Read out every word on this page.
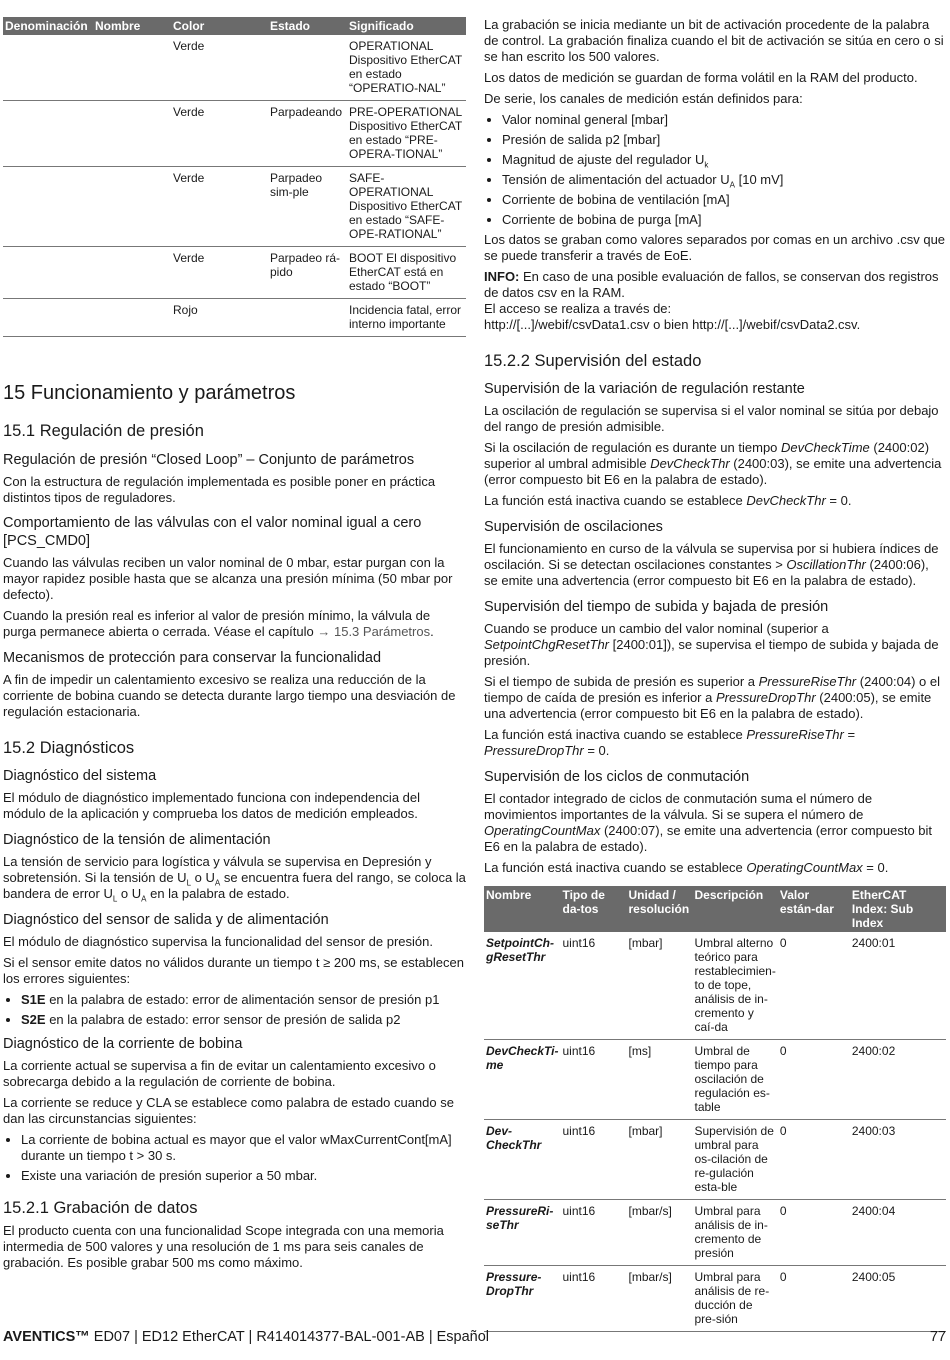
Denominación	Nombre	Color	Estado	Significado
		Verde		OPERATIONAL Dispositivo EtherCAT en estado “OPERATIO-NAL”
		Verde	Parpadeando	PRE-OPERATIONAL Dispositivo EtherCAT en estado “PRE-OPERA-TIONAL”
		Verde	Parpadeo sim-ple	SAFE-OPERATIONAL Dispositivo EtherCAT en estado “SAFE-OPE-RATIONAL”
		Verde	Parpadeo rá-pido	BOOT El dispositivo EtherCAT está en estado “BOOT”
		Rojo		Incidencia fatal, error interno importante
15 Funcionamiento y parámetros
15.1 Regulación de presión
Regulación de presión “Closed Loop” – Conjunto de parámetros

Con la estructura de regulación implementada es posible poner en práctica distintos tipos de reguladores.

Comportamiento de las válvulas con el valor nominal igual a cero [PCS_CMD0]

Cuando las válvulas reciben un valor nominal de 0 mbar, estar purgan con la mayor rapidez posible hasta que se alcanza una presión mínima (50 mbar por defecto).

Cuando la presión real es inferior al valor de presión mínimo, la válvula de purga permanece abierta o cerrada. Véase el capítulo → 15.3 Parámetros.

Mecanismos de protección para conservar la funcionalidad

A fin de impedir un calentamiento excesivo se realiza una reducción de la corriente de bobina cuando se detecta durante largo tiempo una desviación de regulación estacionaria.

15.2 Diagnósticos
Diagnóstico del sistema

El módulo de diagnóstico implementado funciona con independencia del módulo de la aplicación y comprueba los datos de medición empleados.

Diagnóstico de la tensión de alimentación

La tensión de servicio para logística y válvula se supervisa en Depresión y sobretensión. Si la tensión de $U_L$ o $U_A$ se encuentra fuera del rango, se coloca la bandera de error $U_L$ o $U_A$ en la palabra de estado.

Diagnóstico del sensor de salida y de alimentación

El módulo de diagnóstico supervisa la funcionalidad del sensor de presión.

Si el sensor emite datos no válidos durante un tiempo t ≥ 200 ms, se establecen los errores siguientes:

• S1E en la palabra de estado: error de alimentación sensor de presión p1
• S2E en la palabra de estado: error sensor de presión de salida p2
Diagnóstico de la corriente de bobina

La corriente actual se supervisa a fin de evitar un calentamiento excesivo o sobrecarga debido a la regulación de corriente de bobina.

La corriente se reduce y CLA se establece como palabra de estado cuando se dan las circunstancias siguientes:

• La corriente de bobina actual es mayor que el valor wMaxCurrentCont[mA] durante un tiempo t > 30 s.
• Existe una variación de presión superior a 50 mbar.
15.2.1 Grabación de datos

El producto cuenta con una funcionalidad Scope integrada con una memoria intermedia de 500 valores y una resolución de 1 ms para seis canales de grabación. Es posible grabar 500 ms como máximo.

La grabación se inicia mediante un bit de activación procedente de la palabra de control. La grabación finaliza cuando el bit de activación se sitúa en cero o si se han escrito los 500 valores.

Los datos de medición se guardan de forma volátil en la RAM del producto.

De serie, los canales de medición están definidos para:

• Valor nominal general [mbar]
• Presión de salida p2 [mbar]
• Magnitud de ajuste del regulador $U_k$
• Tensión de alimentación del actuador $U_A$ [10 mV]
• Corriente de bobina de ventilación [mA]
• Corriente de bobina de purga [mA]

Los datos se graban como valores separados por comas en un archivo .csv que se puede transferir a través de EoE.

INFO: En caso de una posible evaluación de fallos, se conservan dos registros de datos csv en la RAM.

El acceso se realiza a través de:

http://[...]/webif/csvData1.csv o bien http://[...]/webif/csvData2.csv.

15.2.2 Supervisión del estado
Supervisión de la variación de regulación restante

La oscilación de regulación se supervisa si el valor nominal se sitúa por debajo del rango de presión admisible.

Si la oscilación de regulación es durante un tiempo DevCheckTime (2400:02) superior al umbral admisible DevCheckThr (2400:03), se emite una advertencia (error compuesto bit E6 en la palabra de estado).

La función está inactiva cuando se establece DevCheckThr = 0.

Supervisión de oscilaciones

El funcionamiento en curso de la válvula se supervisa por si hubiera índices de oscilación. Si se detectan oscilaciones constantes > OscillationThr (2400:06), se emite una advertencia (error compuesto bit E6 en la palabra de estado).

Supervisión del tiempo de subida y bajada de presión

Cuando se produce un cambio del valor nominal (superior a SetpointChgResetThr [2400:01]), se supervisa el tiempo de subida y bajada de presión.

Si el tiempo de subida de presión es superior a PressureRiseThr (2400:04) o el tiempo de caída de presión es inferior a PressureDropThr (2400:05), se emite una advertencia (error compuesto bit E6 en la palabra de estado).

La función está inactiva cuando se establece PressureRiseThr = PressureDropThr = 0.

Supervisión de los ciclos de conmutación

El contador integrado de ciclos de conmutación suma el número de movimientos importantes de la válvula. Si se supera el número de OperatingCountMax (2400:07), se emite una advertencia (error compuesto bit E6 en la palabra de estado).

La función está inactiva cuando se establece OperatingCountMax = 0.

Nombre	Tipo de da-tos	Unidad / resolución	Descripción	Valor están-dar	EtherCAT Index: Sub Index
SetpointCh-gResetThr	uint16	[mbar]	Umbral alterno teórico para restablecimien-to de tope, análisis de in-cremento y caí-da	0	2400:01
DevCheckTi-me	uint16	[ms]	Umbral de tiempo para oscilación de regulación es-table	0	2400:02
Dev-CheckThr	uint16	[mbar]	Supervisión de umbral para os-cilación de re-gulación esta-ble	0	2400:03
PressureRi-seThr	uint16	[mbar/s]	Umbral para análisis de in-cremento de presión	0	2400:04
Pressure-DropThr	uint16	[mbar/s]	Umbral para análisis de re-ducción de pre-sión	0	2400:05
AVENTICS™ ED07 | ED12 EtherCAT | R414014377-BAL-001-AB | Español	77
